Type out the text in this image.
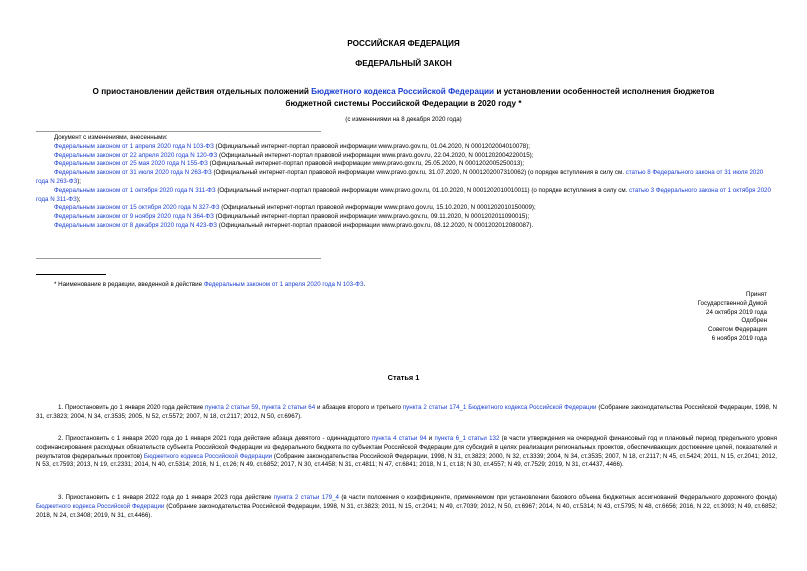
РОССИЙСКАЯ ФЕДЕРАЦИЯ
ФЕДЕРАЛЬНЫЙ ЗАКОН
О приостановлении действия отдельных положений Бюджетного кодекса Российской Федерации и установлении особенностей исполнения бюджетов бюджетной системы Российской Федерации в 2020 году *
(с изменениями на 8 декабря 2020 года)
Документ с изменениями, внесенными:
Федеральным законом от 1 апреля 2020 года N 103-ФЗ (Официальный интернет-портал правовой информации www.pravo.gov.ru, 01.04.2020, N 0001202004010078);
Федеральным законом от 22 апреля 2020 года N 120-ФЗ (Официальный интернет-портал правовой информации www.pravo.gov.ru, 22.04.2020, N 0001202004220015);
Федеральным законом от 25 мая 2020 года N 155-ФЗ (Официальный интернет-портал правовой информации www.pravo.gov.ru, 25.05.2020, N 0001202005250013);
Федеральным законом от 31 июля 2020 года N 263-ФЗ (Официальный интернет-портал правовой информации www.pravo.gov.ru, 31.07.2020, N 0001202007310062) (о порядке вступления в силу см. статью 8 Федерального закона от 31 июля 2020 года N 263-ФЗ);
Федеральным законом от 1 октября 2020 года N 311-ФЗ (Официальный интернет-портал правовой информации www.pravo.gov.ru, 01.10.2020, N 0001202010010011) (о порядке вступления в силу см. статью 3 Федерального закона от 1 октября 2020 года N 311-ФЗ);
Федеральным законом от 15 октября 2020 года N 327-ФЗ (Официальный интернет-портал правовой информации www.pravo.gov.ru, 15.10.2020, N 0001202010150009);
Федеральным законом от 9 ноября 2020 года N 364-ФЗ (Официальный интернет-портал правовой информации www.pravo.gov.ru, 09.11.2020, N 0001202011090015);
Федеральным законом от 8 декабря 2020 года N 423-ФЗ (Официальный интернет-портал правовой информации www.pravo.gov.ru, 08.12.2020, N 0001202012080087).
* Наименование в редакции, введенной в действие Федеральным законом от 1 апреля 2020 года N 103-ФЗ.
Принят
Государственной Думой
24 октября 2019 года
Одобрен
Советом Федерации
6 ноября 2019 года
Статья 1
1. Приостановить до 1 января 2020 года действие пункта 2 статьи 59, пункта 2 статьи 64 и абзацев второго и третьего пункта 2 статьи 174_1 Бюджетного кодекса Российской Федерации (Собрание законодательства Российской Федерации, 1998, N 31, ст.3823; 2004, N 34, ст.3535; 2005, N 52, ст.5572; 2007, N 18, ст.2117; 2012, N 50, ст.6967).
2. Приостановить с 1 января 2020 года до 1 января 2021 года действие абзаца девятого - одиннадцатого пункта 4 статьи 94 и пункта 6_1 статьи 132 (в части утверждения на очередной финансовый год и плановый период предельного уровня софинансирования расходных обязательств субъекта Российской Федерации из федерального бюджета по субъектам Российской Федерации для субсидий в целях реализации региональных проектов, обеспечивающих достижение целей, показателей и результатов федеральных проектов) Бюджетного кодекса Российской Федерации (Собрание законодательства Российской Федерации, 1998, N 31, ст.3823; 2000, N 32, ст.3339; 2004, N 34, ст.3535; 2007, N 18, ст.2117; N 45, ст.5424; 2011, N 15, ст.2041; 2012, N 53, ст.7593; 2013, N 19, ст.2331; 2014, N 40, ст.5314; 2016, N 1, ст.26; N 49, ст.6852; 2017, N 30, ст.4458; N 31, ст.4811; N 47, ст.6841; 2018, N 1, ст.18; N 30, ст.4557; N 49, ст.7529; 2019, N 31, ст.4437, 4466).
3. Приостановить с 1 января 2022 года до 1 января 2023 года действие пункта 2 статьи 179_4 (в части положения о коэффициенте, применяемом при установлении базового объема бюджетных ассигнований Федерального дорожного фонда) Бюджетного кодекса Российской Федерации (Собрание законодательства Российской Федерации, 1998, N 31, ст.3823; 2011, N 15, ст.2041; N 49, ст.7039; 2012, N 50, ст.6967; 2014, N 40, ст.5314; N 43, ст.5795; N 48, ст.6656; 2016, N 22, ст.3093; N 49, ст.6852; 2018, N 24, ст.3408; 2019, N 31, ст.4466).
